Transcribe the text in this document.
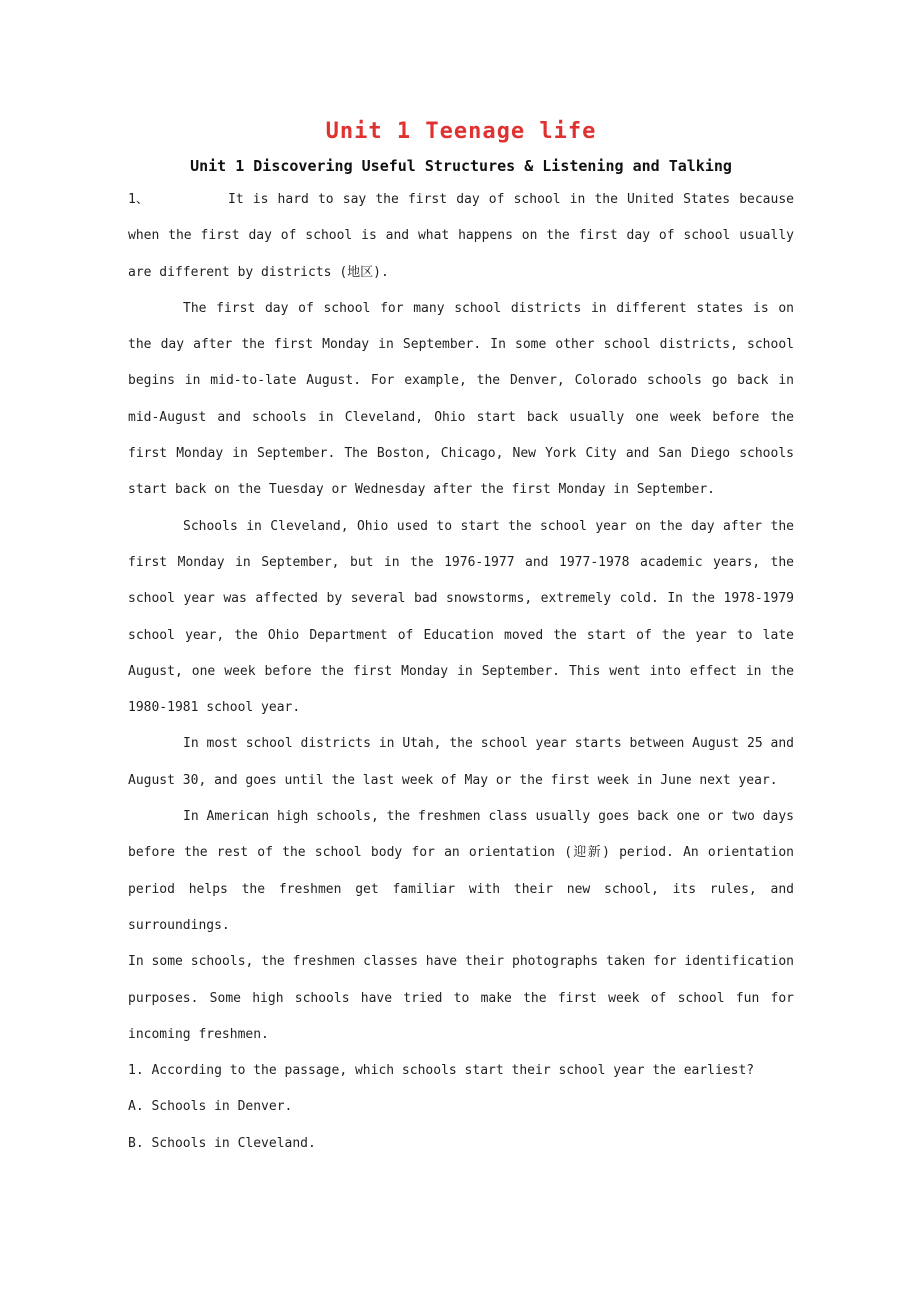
Unit 1 Teenage life
Unit 1 Discovering Useful Structures & Listening and Talking

1、	It is hard to say the first day of school in the United States because when the first day of school is and what happens on the first day of school usually are different by districts (地区).

The first day of school for many school districts in different states is on the day after the first Monday in September. In some other school districts, school begins in mid-to-late August. For example, the Denver, Colorado schools go back in mid-August and schools in Cleveland, Ohio start back usually one week before the first Monday in September. The Boston, Chicago, New York City and San Diego schools start back on the Tuesday or Wednesday after the first Monday in September.

Schools in Cleveland, Ohio used to start the school year on the day after the first Monday in September, but in the 1976-1977 and 1977-1978 academic years, the school year was affected by several bad snowstorms, extremely cold. In the 1978-1979 school year, the Ohio Department of Education moved the start of the year to late August, one week before the first Monday in September. This went into effect in the 1980-1981 school year.

In most school districts in Utah, the school year starts between August 25 and August 30, and goes until the last week of May or the first week in June next year.

In American high schools, the freshmen class usually goes back one or two days before the rest of the school body for an orientation (迎新) period. An orientation period helps the freshmen get familiar with their new school, its rules, and surroundings.

In some schools, the freshmen classes have their photographs taken for identification purposes. Some high schools have tried to make the first week of school fun for incoming freshmen.

1. According to the passage, which schools start their school year the earliest?

A. Schools in Denver.

B. Schools in Cleveland.
